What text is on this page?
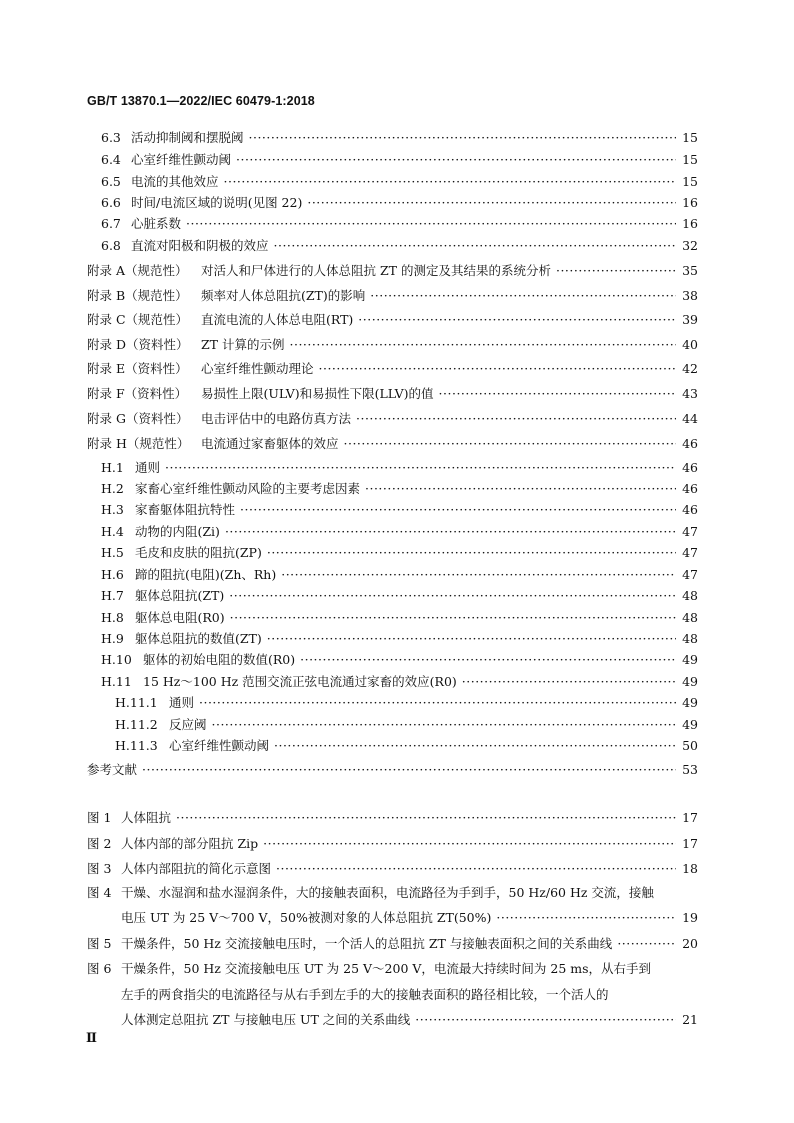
GB/T 13870.1—2022/IEC 60479-1:2018
6.3 活动抑制阈和摆脱阈 ·····	15
6.4 心室纤维性颤动阈 ·····	15
6.5 电流的其他效应 ·····	15
6.6 时间/电流区域的说明(见图 22) ·····	16
6.7 心脏系数 ·····	16
6.8 直流对阳极和阴极的效应 ·····	32
附录 A（规范性）	对活人和尸体进行的人体总阻抗 ZT 的测定及其结果的系统分析 ·····	35
附录 B（规范性）	频率对人体总阻抗(ZT)的影响 ·····	38
附录 C（规范性）	直流电流的人体总电阻(RT) ·····	39
附录 D（资料性）	ZT 计算的示例 ·····	40
附录 E（资料性）	心室纤维性颤动理论 ·····	42
附录 F（资料性）	易损性上限(ULV)和易损性下限(LLV)的值 ·····	43
附录 G（资料性）	电击评估中的电路仿真方法 ·····	44
附录 H（规范性） 电流通过家畜躯体的效应 ·····	46
H.1 通则 ·····	46
H.2 家畜心室纤维性颤动风险的主要考虑因素 ·····	46
H.3 家畜躯体阻抗特性 ·····	46
H.4 动物的内阻(Zi) ·····	47
H.5 毛皮和皮肤的阻抗(ZP) ·····	47
H.6 蹄的阻抗(电阻)(Zh、Rh) ·····	47
H.7 躯体总阻抗(ZT) ·····	48
H.8 躯体总电阻(R0) ·····	48
H.9 躯体总阻抗的数值(ZT) ·····	48
H.10 躯体的初始电阻的数值(R0) ·····	49
H.11 15 Hz～100 Hz 范围交流正弦电流通过家畜的效应(R0) ·····	49
H.11.1 通则 ·····	49
H.11.2 反应阈 ·····	49
H.11.3 心室纤维性颤动阈 ·····	50
参考文献 ·····	53
图 1 人体阻抗 ·····	17
图 2 人体内部的部分阻抗 Zip ·····	17
图 3 人体内部阻抗的简化示意图 ·····	18
图 4 干燥、水湿润和盐水湿润条件，大的接触表面积，电流路径为手到手，50 Hz/60 Hz 交流，接触
电压 UT 为 25 V～700 V，50%被测对象的人体总阻抗 ZT(50%) ·····	19
图 5 干燥条件，50 Hz 交流接触电压时，一个活人的总阻抗 ZT 与接触表面积之间的关系曲线 ·····	20
图 6 干燥条件，50 Hz 交流接触电压 UT 为 25 V～200 V，电流最大持续时间为 25 ms，从右手到
左手的两食指尖的电流路径与从右手到左手的大的接触表面积的路径相比较，一个活人的
人体测定总阻抗 ZT 与接触电压 UT 之间的关系曲线 ·····	21
Ⅱ
